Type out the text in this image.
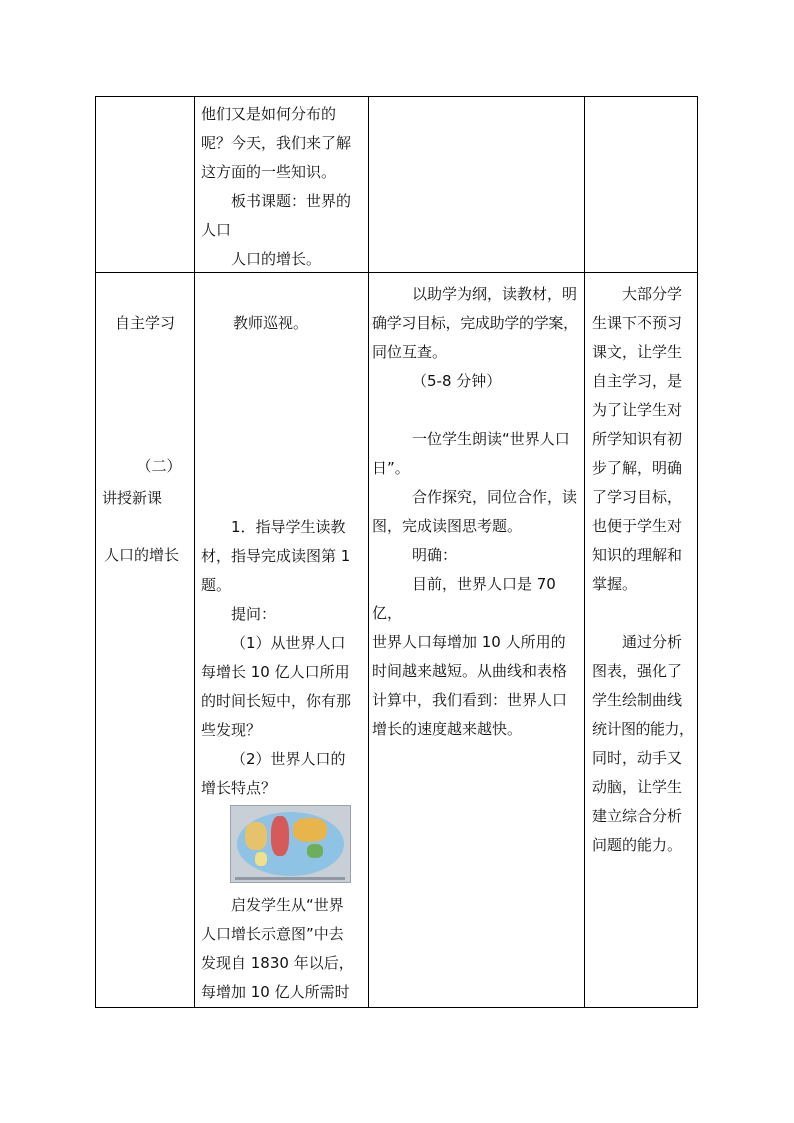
他们又是如何分布的

呢？今天，我们来了解

这方面的一些知识。

板书课题：世界的

人口

人口的增长。

自主学习
（二）
讲授新课
人口的增长
教师巡视。

1．指导学生读教

材，指导完成读图第 1

题。

提问：

（1）从世界人口

每增长 10 亿人口所用

的时间长短中，你有那

些发现？

（2）世界人口的

增长特点？

启发学生从“世界

人口增长示意图”中去

发现自 1830 年以后，

每增加 10 亿人所需时

以助学为纲，读教材，明

确学习目标，完成助学的学案，

同位互查。

（5-8 分钟）

一位学生朗读“世界人口

日”。

合作探究，同位合作，读

图，完成读图思考题。

明确：

目前，世界人口是 70 亿，

世界人口每增加 10 人所用的

时间越来越短。从曲线和表格

计算中，我们看到：世界人口

增长的速度越来越快。

大部分学

生课下不预习

课文，让学生

自主学习，是

为了让学生对

所学知识有初

步了解，明确

了学习目标，

也便于学生对

知识的理解和

掌握。

通过分析

图表，强化了

学生绘制曲线

统计图的能力，

同时，动手又

动脑，让学生

建立综合分析

问题的能力。
